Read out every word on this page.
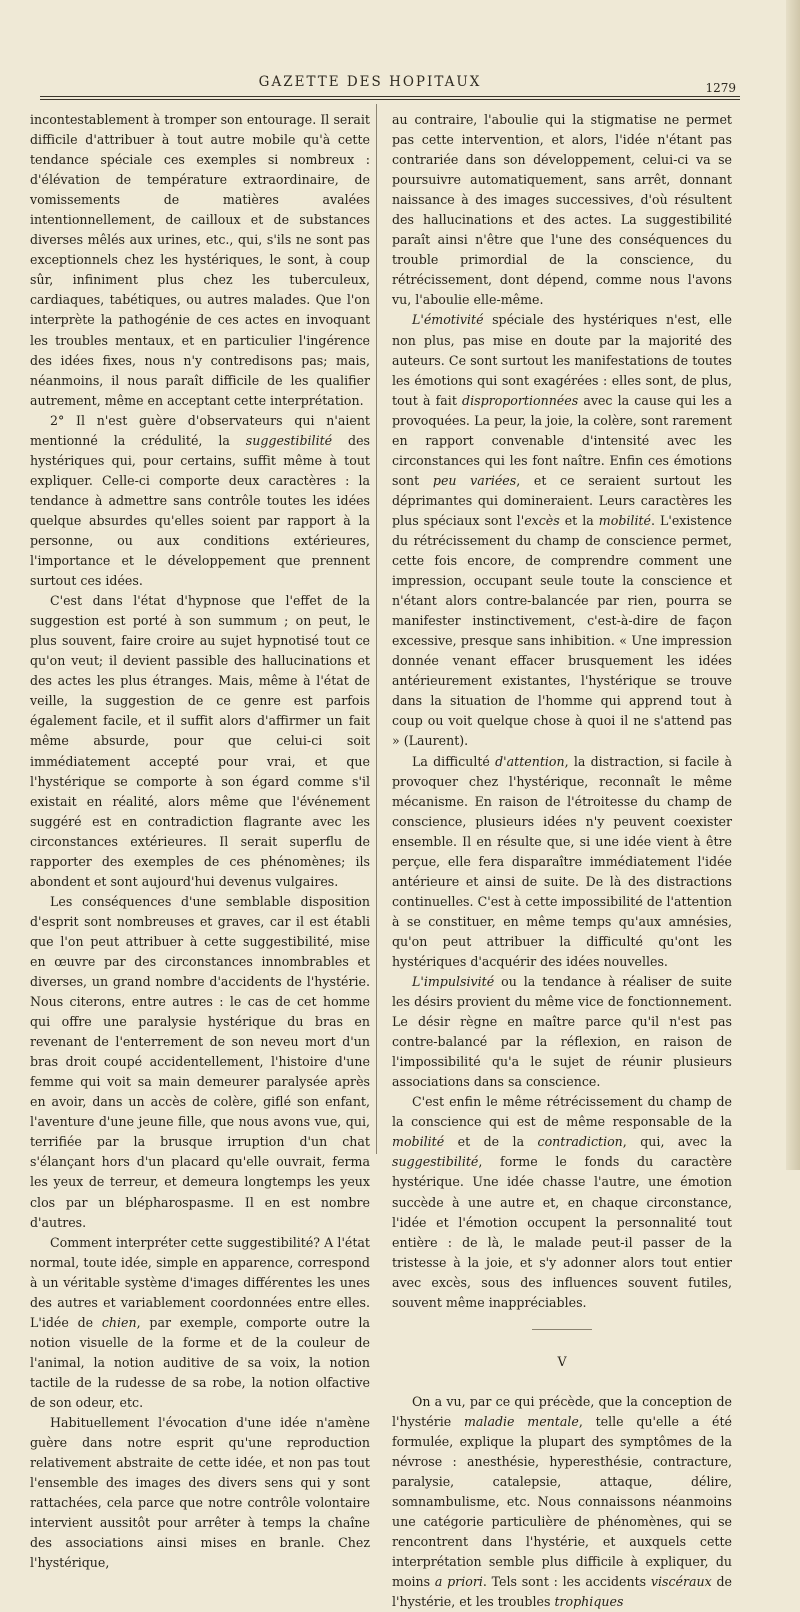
GAZETTE DES HOPITAUX	1279

incontestablement à tromper son entourage. Il serait difficile d'attribuer à tout autre mobile qu'à cette tendance spéciale ces exemples si nombreux : d'élévation de température extraordinaire, de vomissements de matières avalées intentionnellement, de cailloux et de substances diverses mêlés aux urines, etc., qui, s'ils ne sont pas exceptionnels chez les hystériques, le sont, à coup sûr, infiniment plus chez les tuberculeux, cardiaques, tabétiques, ou autres malades. Que l'on interprète la pathogénie de ces actes en invoquant les troubles mentaux, et en particulier l'ingérence des idées fixes, nous n'y contredisons pas; mais, néanmoins, il nous paraît difficile de les qualifier autrement, même en acceptant cette interprétation.

2° Il n'est guère d'observateurs qui n'aient mentionné la crédulité, la suggestibilité des hystériques qui, pour certains, suffit même à tout expliquer. Celle-ci comporte deux caractères : la tendance à admettre sans contrôle toutes les idées quelque absurdes qu'elles soient par rapport à la personne, ou aux conditions extérieures, l'importance et le développement que prennent surtout ces idées.

C'est dans l'état d'hypnose que l'effet de la suggestion est porté à son summum ; on peut, le plus souvent, faire croire au sujet hypnotisé tout ce qu'on veut; il devient passible des hallucinations et des actes les plus étranges. Mais, même à l'état de veille, la suggestion de ce genre est parfois également facile, et il suffit alors d'affirmer un fait même absurde, pour que celui-ci soit immédiatement accepté pour vrai, et que l'hystérique se comporte à son égard comme s'il existait en réalité, alors même que l'événement suggéré est en contradiction flagrante avec les circonstances extérieures. Il serait superflu de rapporter des exemples de ces phénomènes; ils abondent et sont aujourd'hui devenus vulgaires.

Les conséquences d'une semblable disposition d'esprit sont nombreuses et graves, car il est établi que l'on peut attribuer à cette suggestibilité, mise en œuvre par des circonstances innombrables et diverses, un grand nombre d'accidents de l'hystérie. Nous citerons, entre autres : le cas de cet homme qui offre une paralysie hystérique du bras en revenant de l'enterrement de son neveu mort d'un bras droit coupé accidentellement, l'histoire d'une femme qui voit sa main demeurer paralysée après en avoir, dans un accès de colère, giflé son enfant, l'aventure d'une jeune fille, que nous avons vue, qui, terrifiée par la brusque irruption d'un chat s'élançant hors d'un placard qu'elle ouvrait, ferma les yeux de terreur, et demeura longtemps les yeux clos par un blépharospasme. Il en est nombre d'autres.

Comment interpréter cette suggestibilité? A l'état normal, toute idée, simple en apparence, correspond à un véritable système d'images différentes les unes des autres et variablement coordonnées entre elles. L'idée de chien, par exemple, comporte outre la notion visuelle de la forme et de la couleur de l'animal, la notion auditive de sa voix, la notion tactile de la rudesse de sa robe, la notion olfactive de son odeur, etc.

Habituellement l'évocation d'une idée n'amène guère dans notre esprit qu'une reproduction relativement abstraite de cette idée, et non pas tout l'ensemble des images des divers sens qui y sont rattachées, cela parce que notre contrôle volontaire intervient aussitôt pour arrêter à temps la chaîne des associations ainsi mises en branle. Chez l'hystérique,

au contraire, l'aboulie qui la stigmatise ne permet pas cette intervention, et alors, l'idée n'étant pas contrariée dans son développement, celui-ci va se poursuivre automatiquement, sans arrêt, donnant naissance à des images successives, d'où résultent des hallucinations et des actes. La suggestibilité paraît ainsi n'être que l'une des conséquences du trouble primordial de la conscience, du rétrécissement, dont dépend, comme nous l'avons vu, l'aboulie elle-même.

L'émotivité spéciale des hystériques n'est, elle non plus, pas mise en doute par la majorité des auteurs. Ce sont surtout les manifestations de toutes les émotions qui sont exagérées : elles sont, de plus, tout à fait disproportionnées avec la cause qui les a provoquées. La peur, la joie, la colère, sont rarement en rapport convenable d'intensité avec les circonstances qui les font naître. Enfin ces émotions sont peu variées, et ce seraient surtout les déprimantes qui domineraient. Leurs caractères les plus spéciaux sont l'excès et la mobilité. L'existence du rétrécissement du champ de conscience permet, cette fois encore, de comprendre comment une impression, occupant seule toute la conscience et n'étant alors contre-balancée par rien, pourra se manifester instinctivement, c'est-à-dire de façon excessive, presque sans inhibition. « Une impression donnée venant effacer brusquement les idées antérieurement existantes, l'hystérique se trouve dans la situation de l'homme qui apprend tout à coup ou voit quelque chose à quoi il ne s'attend pas » (Laurent).

La difficulté d'attention, la distraction, si facile à provoquer chez l'hystérique, reconnaît le même mécanisme. En raison de l'étroitesse du champ de conscience, plusieurs idées n'y peuvent coexister ensemble. Il en résulte que, si une idée vient à être perçue, elle fera disparaître immédiatement l'idée antérieure et ainsi de suite. De là des distractions continuelles. C'est à cette impossibilité de l'attention à se constituer, en même temps qu'aux amnésies, qu'on peut attribuer la difficulté qu'ont les hystériques d'acquérir des idées nouvelles.

L'impulsivité ou la tendance à réaliser de suite les désirs provient du même vice de fonctionnement. Le désir règne en maître parce qu'il n'est pas contre-balancé par la réflexion, en raison de l'impossibilité qu'a le sujet de réunir plusieurs associations dans sa conscience.

C'est enfin le même rétrécissement du champ de la conscience qui est de même responsable de la mobilité et de la contradiction, qui, avec la suggestibilité, forme le fonds du caractère hystérique. Une idée chasse l'autre, une émotion succède à une autre et, en chaque circonstance, l'idée et l'émotion occupent la personnalité tout entière : de là, le malade peut-il passer de la tristesse à la joie, et s'y adonner alors tout entier avec excès, sous des influences souvent futiles, souvent même inappréciables.

V

On a vu, par ce qui précède, que la conception de l'hystérie maladie mentale, telle qu'elle a été formulée, explique la plupart des symptômes de la névrose : anesthésie, hyperesthésie, contracture, paralysie, catalepsie, attaque, délire, somnambulisme, etc. Nous connaissons néanmoins une catégorie particulière de phénomènes, qui se rencontrent dans l'hystérie, et auxquels cette interprétation semble plus difficile à expliquer, du moins a priori. Tels sont : les accidents viscéraux de l'hystérie, et les troubles trophiques
